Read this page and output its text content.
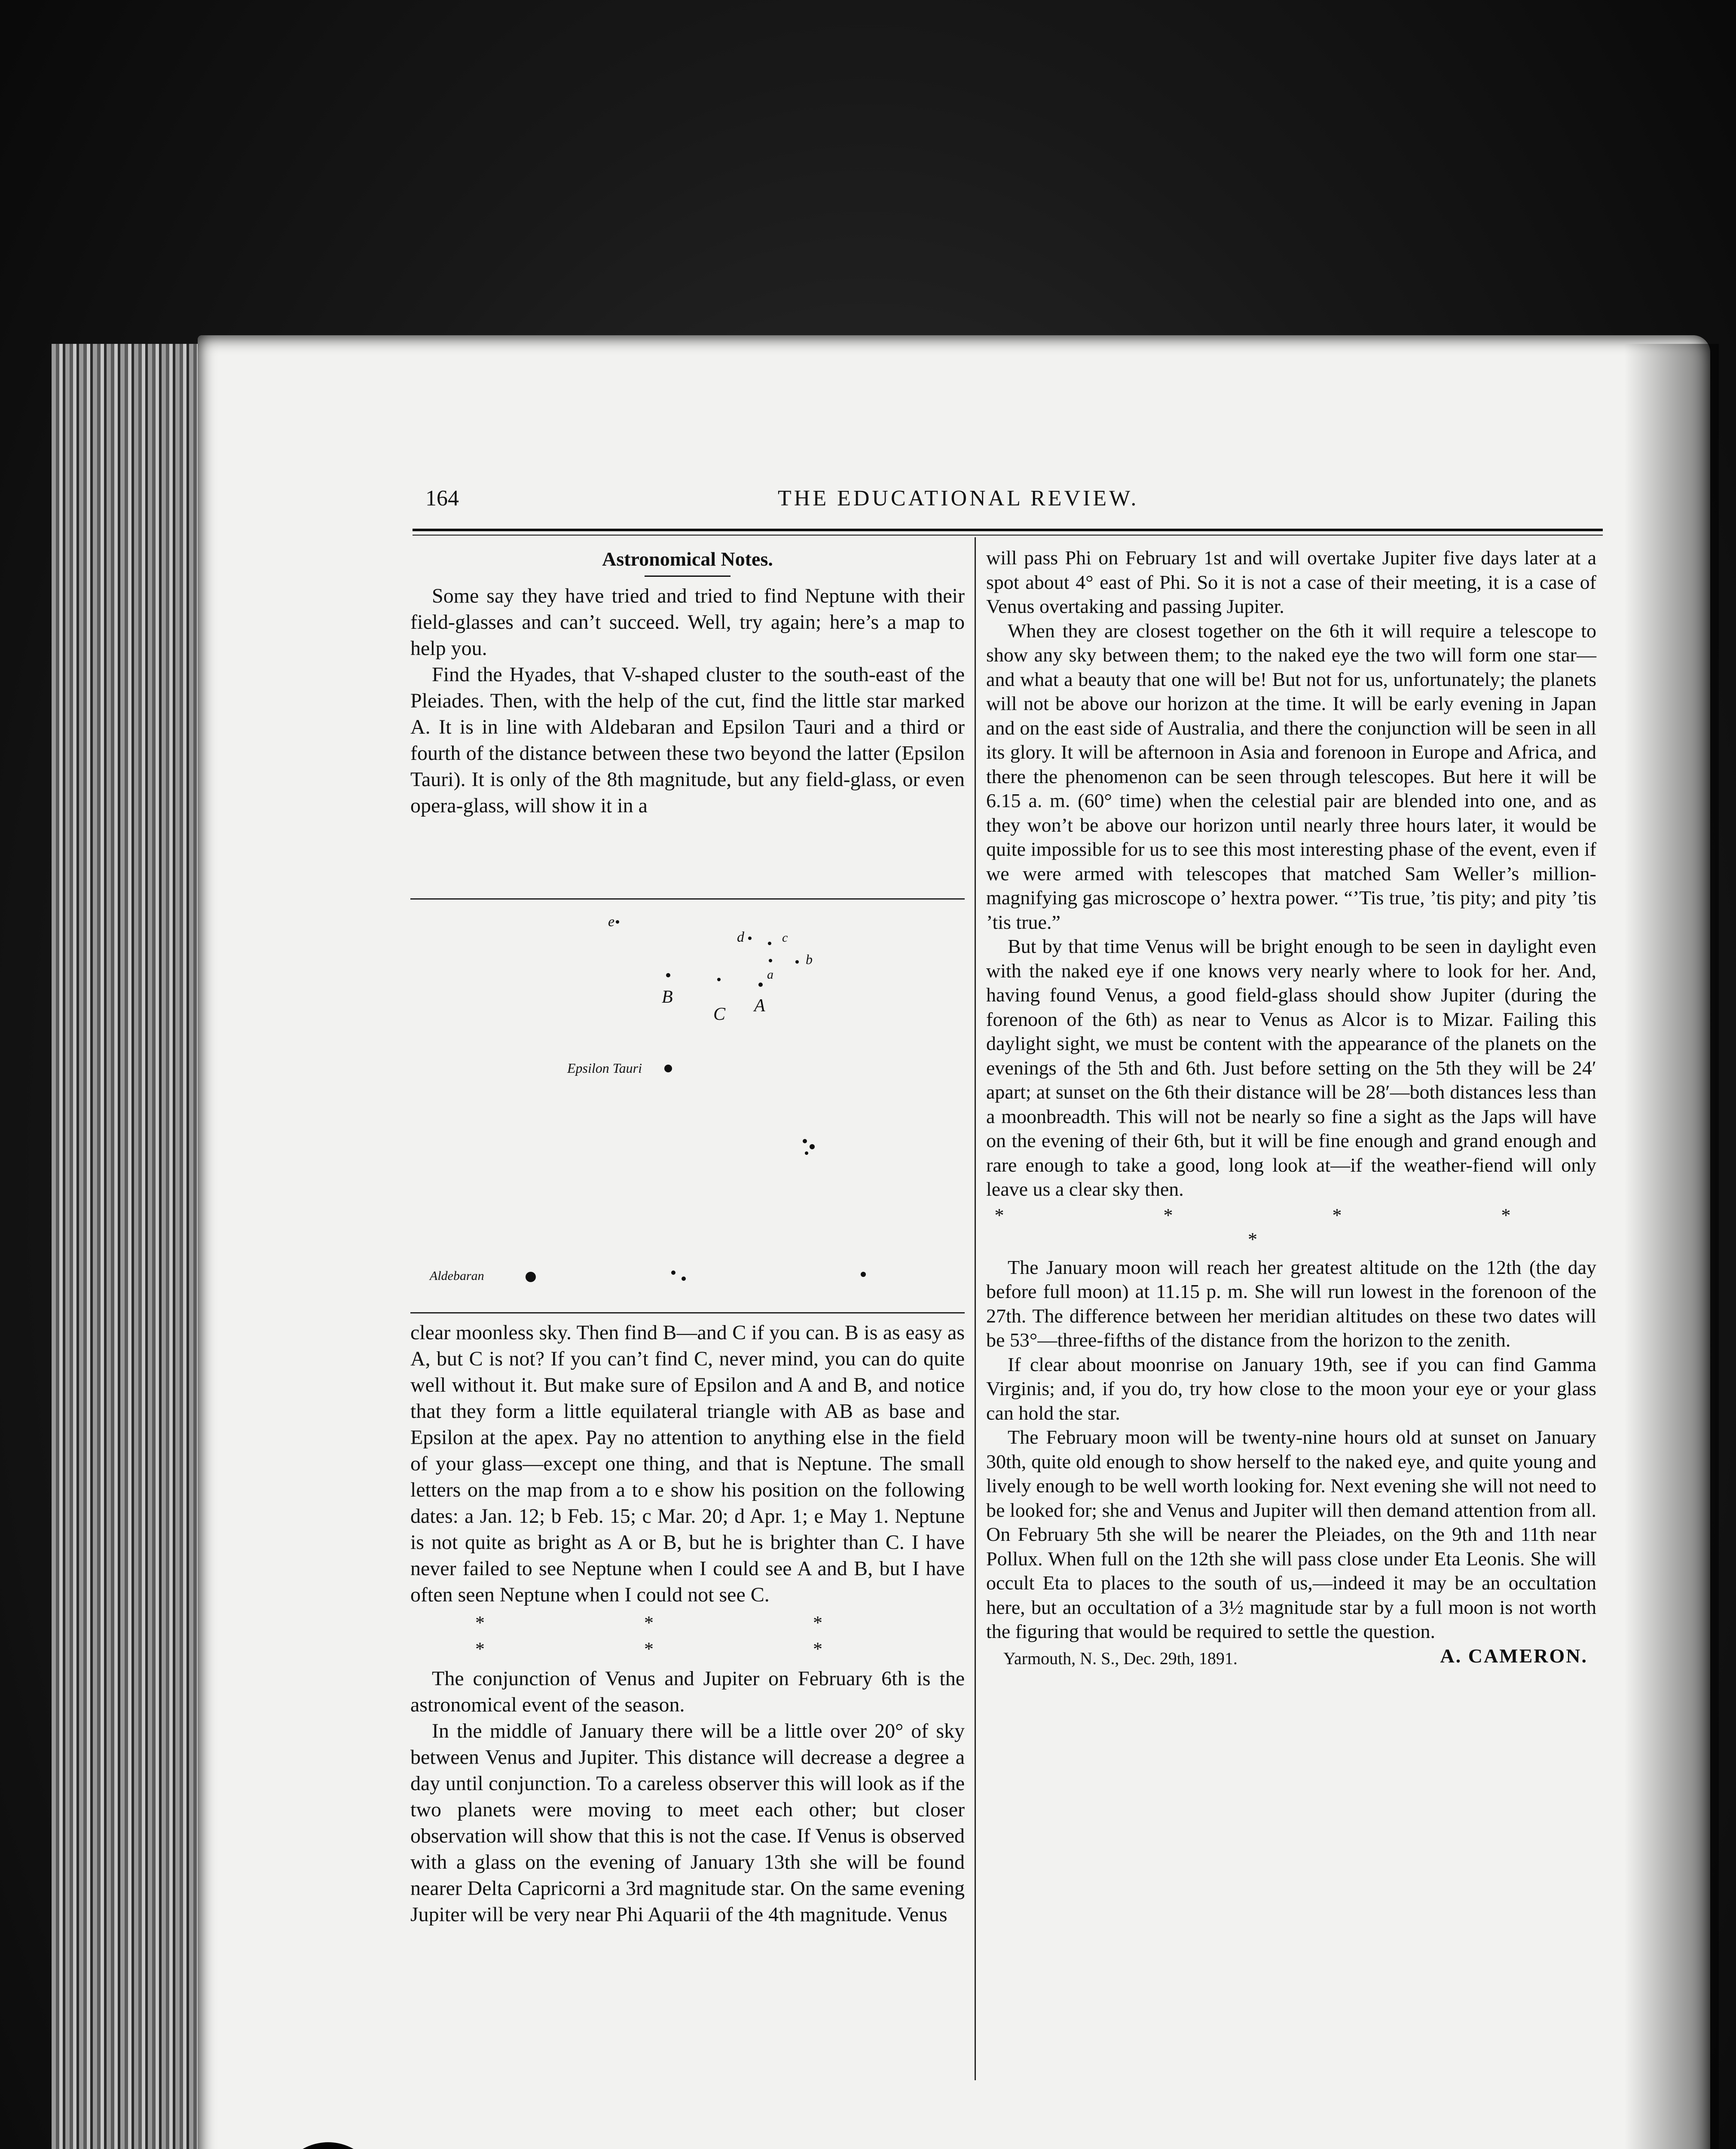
164	THE EDUCATIONAL REVIEW.

Astronomical Notes.

Some say they have tried and tried to find Neptune with their field-glasses and can’t succeed. Well, try again; here’s a map to help you.

Find the Hyades, that V-shaped cluster to the south-east of the Pleiades. Then, with the help of the cut, find the little star marked A. It is in line with Aldebaran and Epsilon Tauri and a third or fourth of the distance between these two beyond the latter (Epsilon Tauri). It is only of the 8th magnitude, but any field-glass, or even opera-glass, will show it in a

e
d	c
b
a
B
C A
Epsilon Tauri
Aldebaran

clear moonless sky. Then find B—and C if you can. B is as easy as A, but C is not? If you can’t find C, never mind, you can do quite well without it. But make sure of Epsilon and A and B, and notice that they form a little equilateral triangle with AB as base and Epsilon at the apex. Pay no attention to anything else in the field of your glass—except one thing, and that is Neptune. The small letters on the map from a to e show his position on the following dates: a Jan. 12; b Feb. 15; c Mar. 20; d Apr. 1; e May 1. Neptune is not quite as bright as A or B, but he is brighter than C. I have never failed to see Neptune when I could see A and B, but I have often seen Neptune when I could not see C.

* * * * * *

The conjunction of Venus and Jupiter on February 6th is the astronomical event of the season.

In the middle of January there will be a little over 20° of sky between Venus and Jupiter. This distance will decrease a degree a day until conjunction. To a careless observer this will look as if the two planets were moving to meet each other; but closer observation will show that this is not the case. If Venus is observed with a glass on the evening of January 13th she will be found nearer Delta Capricorni a 3rd magnitude star. On the same evening Jupiter will be very near Phi Aquarii of the 4th magnitude. Venus

will pass Phi on February 1st and will overtake Jupiter five days later at a spot about 4° east of Phi. So it is not a case of their meeting, it is a case of Venus overtaking and passing Jupiter.

When they are closest together on the 6th it will require a telescope to show any sky between them; to the naked eye the two will form one star—and what a beauty that one will be! But not for us, unfortunately; the planets will not be above our horizon at the time. It will be early evening in Japan and on the east side of Australia, and there the conjunction will be seen in all its glory. It will be afternoon in Asia and forenoon in Europe and Africa, and there the phenomenon can be seen through telescopes. But here it will be 6.15 a. m. (60° time) when the celestial pair are blended into one, and as they won’t be above our horizon until nearly three hours later, it would be quite impossible for us to see this most interesting phase of the event, even if we were armed with telescopes that matched Sam Weller’s million-magnifying gas microscope o’ hextra power. “’Tis true, ’tis pity; and pity ’tis ’tis true.”

But by that time Venus will be bright enough to be seen in daylight even with the naked eye if one knows very nearly where to look for her. And, having found Venus, a good field-glass should show Jupiter (during the forenoon of the 6th) as near to Venus as Alcor is to Mizar. Failing this daylight sight, we must be content with the appearance of the planets on the evenings of the 5th and 6th. Just before setting on the 5th they will be 24′ apart; at sunset on the 6th their distance will be 28′—both distances less than a moonbreadth. This will not be nearly so fine a sight as the Japs will have on the evening of their 6th, but it will be fine enough and grand enough and rare enough to take a good, long look at—if the weather-fiend will only leave us a clear sky then.

* * * * *

The January moon will reach her greatest altitude on the 12th (the day before full moon) at 11.15 p. m. She will run lowest in the forenoon of the 27th. The difference between her meridian altitudes on these two dates will be 53°—three-fifths of the distance from the horizon to the zenith.

If clear about moonrise on January 19th, see if you can find Gamma Virginis; and, if you do, try how close to the moon your eye or your glass can hold the star.

The February moon will be twenty-nine hours old at sunset on January 30th, quite old enough to show herself to the naked eye, and quite young and lively enough to be well worth looking for. Next evening she will not need to be looked for; she and Venus and Jupiter will then demand attention from all. On February 5th she will be nearer the Pleiades, on the 9th and 11th near Pollux. When full on the 12th she will pass close under Eta Leonis. She will occult Eta to places to the south of us,—indeed it may be an occultation here, but an occultation of a 3½ magnitude star by a full moon is not worth the figuring that would be required to settle the question.

Yarmouth, N. S., Dec. 29th, 1891.	A. CAMERON.
